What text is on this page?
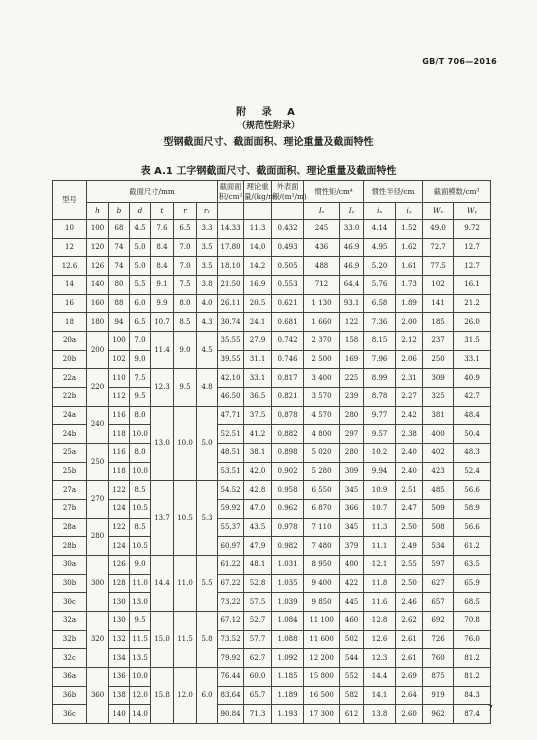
GB/T 706—2016
附 录 A
（规范性附录）
型钢截面尺寸、截面面积、理论重量及截面特性
表 A.1 工字钢截面尺寸、截面面积、理论重量及截面特性
型号	截面尺寸/mm						截面面积/cm²	理论重量/(kg/m)	外表面积/(m²/m)	惯性矩/cm⁴		惯性半径/cm		截面模数/cm³	
	h	b	d	t	r	r₁				Iₓ	Iᵧ	iₓ	iᵧ	Wₓ	Wᵧ
10	100	68	4.5	7.6	6.5	3.3	14.33	11.3	0.432	245	33.0	4.14	1.52	49.0	9.72
12	120	74	5.0	8.4	7.0	3.5	17.80	14.0	0.493	436	46.9	4.95	1.62	72.7	12.7
12.6	126	74	5.0	8.4	7.0	3.5	18.10	14.2	0.505	488	46.9	5.20	1.61	77.5	12.7
14	140	80	5.5	9.1	7.5	3.8	21.50	16.9	0.553	712	64.4	5.76	1.73	102	16.1
16	160	88	6.0	9.9	8.0	4.0	26.11	20.5	0.621	1 130	93.1	6.58	1.89	141	21.2
18	180	94	6.5	10.7	8.5	4.3	30.74	24.1	0.681	1 660	122	7.36	2.00	185	26.0
20a	200	100	7.0	11.4	9.0	4.5	35.55	27.9	0.742	2 370	158	8.15	2.12	237	31.5
20b		102	9.0				39.55	31.1	0.746	2 500	169	7.96	2.06	250	33.1
22a	220	110	7.5	12.3	9.5	4.8	42.10	33.1	0.817	3 400	225	8.99	2.31	309	40.9
22b		112	9.5				46.50	36.5	0.821	3 570	239	8.78	2.27	325	42.7
24a	240	116	8.0	13.0	10.0	5.0	47.71	37.5	0.878	4 570	280	9.77	2.42	381	48.4
24b		118	10.0				52.51	41.2	0.882	4 800	297	9.57	2.38	400	50.4
25a	250	116	8.0				48.51	38.1	0.898	5 020	280	10.2	2.40	402	48.3
25b		118	10.0				53.51	42.0	0.902	5 280	309	9.94	2.40	423	52.4
27a	270	122	8.5	13.7	10.5	5.3	54.52	42.8	0.958	6 550	345	10.9	2.51	485	56.6
27b		124	10.5				59.92	47.0	0.962	6 870	366	10.7	2.47	509	58.9
28a	280	122	8.5				55.37	43.5	0.978	7 110	345	11.3	2.50	508	56.6
28b		124	10.5				60.97	47.9	0.982	7 480	379	11.1	2.49	534	61.2
30a	300	126	9.0	14.4	11.0	5.5	61.22	48.1	1.031	8 950	400	12.1	2.55	597	63.5
30b		128	11.0				67.22	52.8	1.035	9 400	422	11.8	2.50	627	65.9
30c		130	13.0				73.22	57.5	1.039	9 850	445	11.6	2.46	657	68.5
32a	320	130	9.5	15.0	11.5	5.8	67.12	52.7	1.084	11 100	460	12.8	2.62	692	70.8
32b		132	11.5				73.52	57.7	1.088	11 600	502	12.6	2.61	726	76.0
32c		134	13.5				79.92	62.7	1.092	12 200	544	12.3	2.61	760	81.2
36a	360	136	10.0	15.8	12.0	6.0	76.44	60.0	1.185	15 800	552	14.4	2.69	875	81.2
36b		138	12.0				83.64	65.7	1.189	16 500	582	14.1	2.64	919	84.3
36c		140	14.0				90.84	71.3	1.193	17 300	612	13.8	2.60	962	87.4
7
